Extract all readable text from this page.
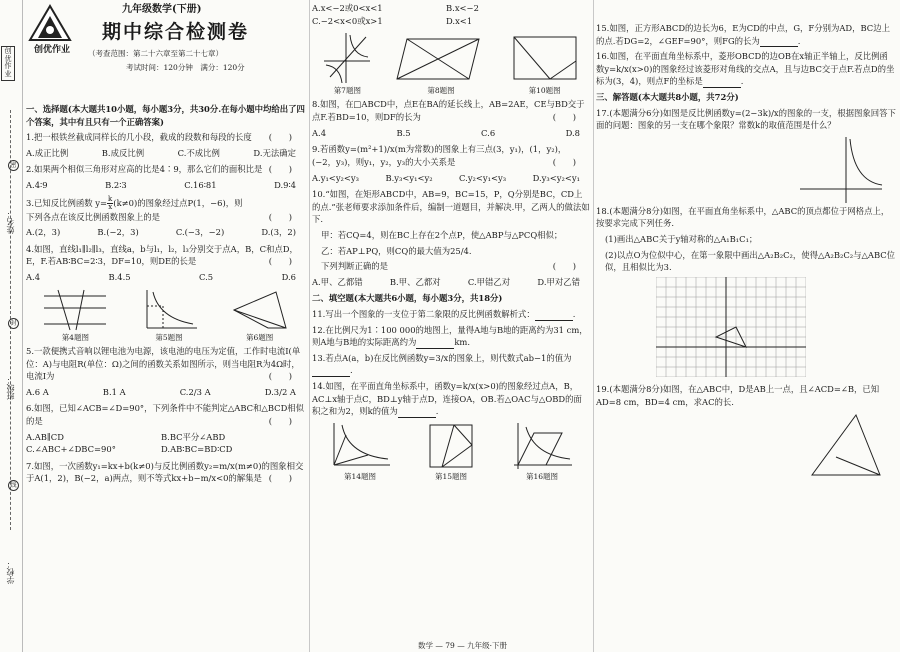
创优作业
密
姓名：
封
班级：
线
学校：
创优作业
九年级数学(下册)
期中综合检测卷
（考查范围：第二十六章至第二十七章）
考试时间：120分钟　满分：120分
一、选择题(本大题共10小题，每小题3分，共30分.在每小题中均给出了四个答案，其中有且只有一个正确答案)
1.把一根铁丝截成同样长的几小段，截成的段数和每段的长度 (　　)
A.成正比例	B.成反比例	C.不成比例	D.无法确定
2.如果两个相似三角形对应高的比是4∶9，那么它们的面积比是 (　　)
A.4∶9	B.2∶3	C.16∶81	D.9∶4
3.已知反比例函数 $y= \frac{k}{x} (k\ne 0)$的图象经过点P(1，−6)，则
下列各点在该反比例函数图象上的是	(　　)
A.(2，3)	B.(−2，3)	C.(−3，−2)	D.(3，2)
4.如图，直线l₁∥l₂∥l₃，直线a，b与l₁，l₂，l₃分别交于点A，B，C和点D，E，F.若AB∶BC=2∶3，DF=10，则DE的长是	(　　)
A.4	B.4.5	C.5	D.6
第4题图	第5题图	第6题图
5.一款便携式音响以锂电池为电源，该电池的电压为定值，工作时电流I(单位：A)与电阻R(单位：Ω)之间的函数关系如图所示，则当电阻R为4Ω时，电流I为	(　　)
A.6 A	B.1 A	C.2/3 A	D.3/2 A
6.如图，已知∠ACB=∠D=90°，下列条件中不能判定△ABC和△BCD相似的是	(　　)
A.AB∥CD	B.BC平分∠ABD
C.∠ABC+∠DBC=90°	D.AB∶BC=BD∶CD
7.如图，一次函数y₁=kx+b(k≠0)与反比例函数y₂=m/x(m≠0)的图象相交于A(1，2)，B(−2，a)两点，则不等式kx+b−m/x<0的解集是 (　　)
A.x<−2或0<x<1	B.x<−2
C.−2<x<0或x>1	D.x<1
第7题图	第8题图	第10题图
8.如图，在□ABCD中，点E在BA的延长线上，AB=2AE，CE与BD交于点F.若BD=10，则DF的长为	(　　)
A.4	B.5	C.6	D.8
9.若函数y=(m²+1)/x(m为常数)的图象上有三点(3，y₁)，(1，y₂)，(−2，y₃)，则y₁，y₂，y₃的大小关系是	(　　)
A.y₁<y₂<y₃	B.y₃<y₁<y₂	C.y₂<y₁<y₃	D.y₃<y₂<y₁
10.“如图，在矩形ABCD中，AB=9，BC=15，P，Q分别是BC，CD上的点.”张老师要求添加条件后，编制一道题目，并解决.甲，乙两人的做法如下.
甲：若CQ=4，则在BC上存在2个点P，使△ABP与△PCQ相似；
乙：若AP⊥PQ，则CQ的最大值为25/4.
下列判断正确的是	(　　)
A.甲、乙都错	B.甲、乙都对	C.甲错乙对	D.甲对乙错
二、填空题(本大题共6小题，每小题3分，共18分)
11.写出一个图象的一支位于第二象限的反比例函数解析式：	.
12.在比例尺为1∶100 000的地图上，量得A地与B地的距离约为31 cm，则A地与B地的实际距离约为	km.
13.若点A(a，b)在反比例函数y=3/x的图象上，则代数式ab−1的值为.
14.如图，在平面直角坐标系中，函数y=k/x(x>0)的图象经过点A，B，AC⊥x轴于点C，BD⊥y轴于点D，连接OA，OB.若△OAC与△OBD的面积之和为2，则k的值为	.
第14题图	第15题图	第16题图
15.如图，正方形ABCD的边长为6，E为CD的中点，G，F分别为AD，BC边上的点.若DG=2，∠GEF=90°，则FG的长为	.
16.如图，在平面直角坐标系中，菱形OBCD的边OB在x轴正半轴上，反比例函数y=k/x(x>0)的图象经过该菱形对角线的交点A，且与边BC交于点F.若点D的坐标为(3，4)，则点F的坐标是	.
三、解答题(本大题共8小题，共72分)
17.(本题满分6分)如图是反比例函数y=(2−3k)/x的图象的一支，根据图象回答下面的问题：图象的另一支在哪个象限？常数k的取值范围是什么？
18.(本题满分8分)如图，在平面直角坐标系中，△ABC的顶点都位于网格点上，按要求完成下列任务.
(1)画出△ABC关于y轴对称的△A₁B₁C₁；
(2)以点O为位似中心，在第一象限中画出△A₂B₂C₂，使得△A₂B₂C₂与△ABC位似，且相似比为3.
19.(本题满分8分)如图，在△ABC中，D是AB上一点，且∠ACD=∠B，已知AD=8 cm，BD=4 cm，求AC的长.
数学 — 79 — 九年级·下册
